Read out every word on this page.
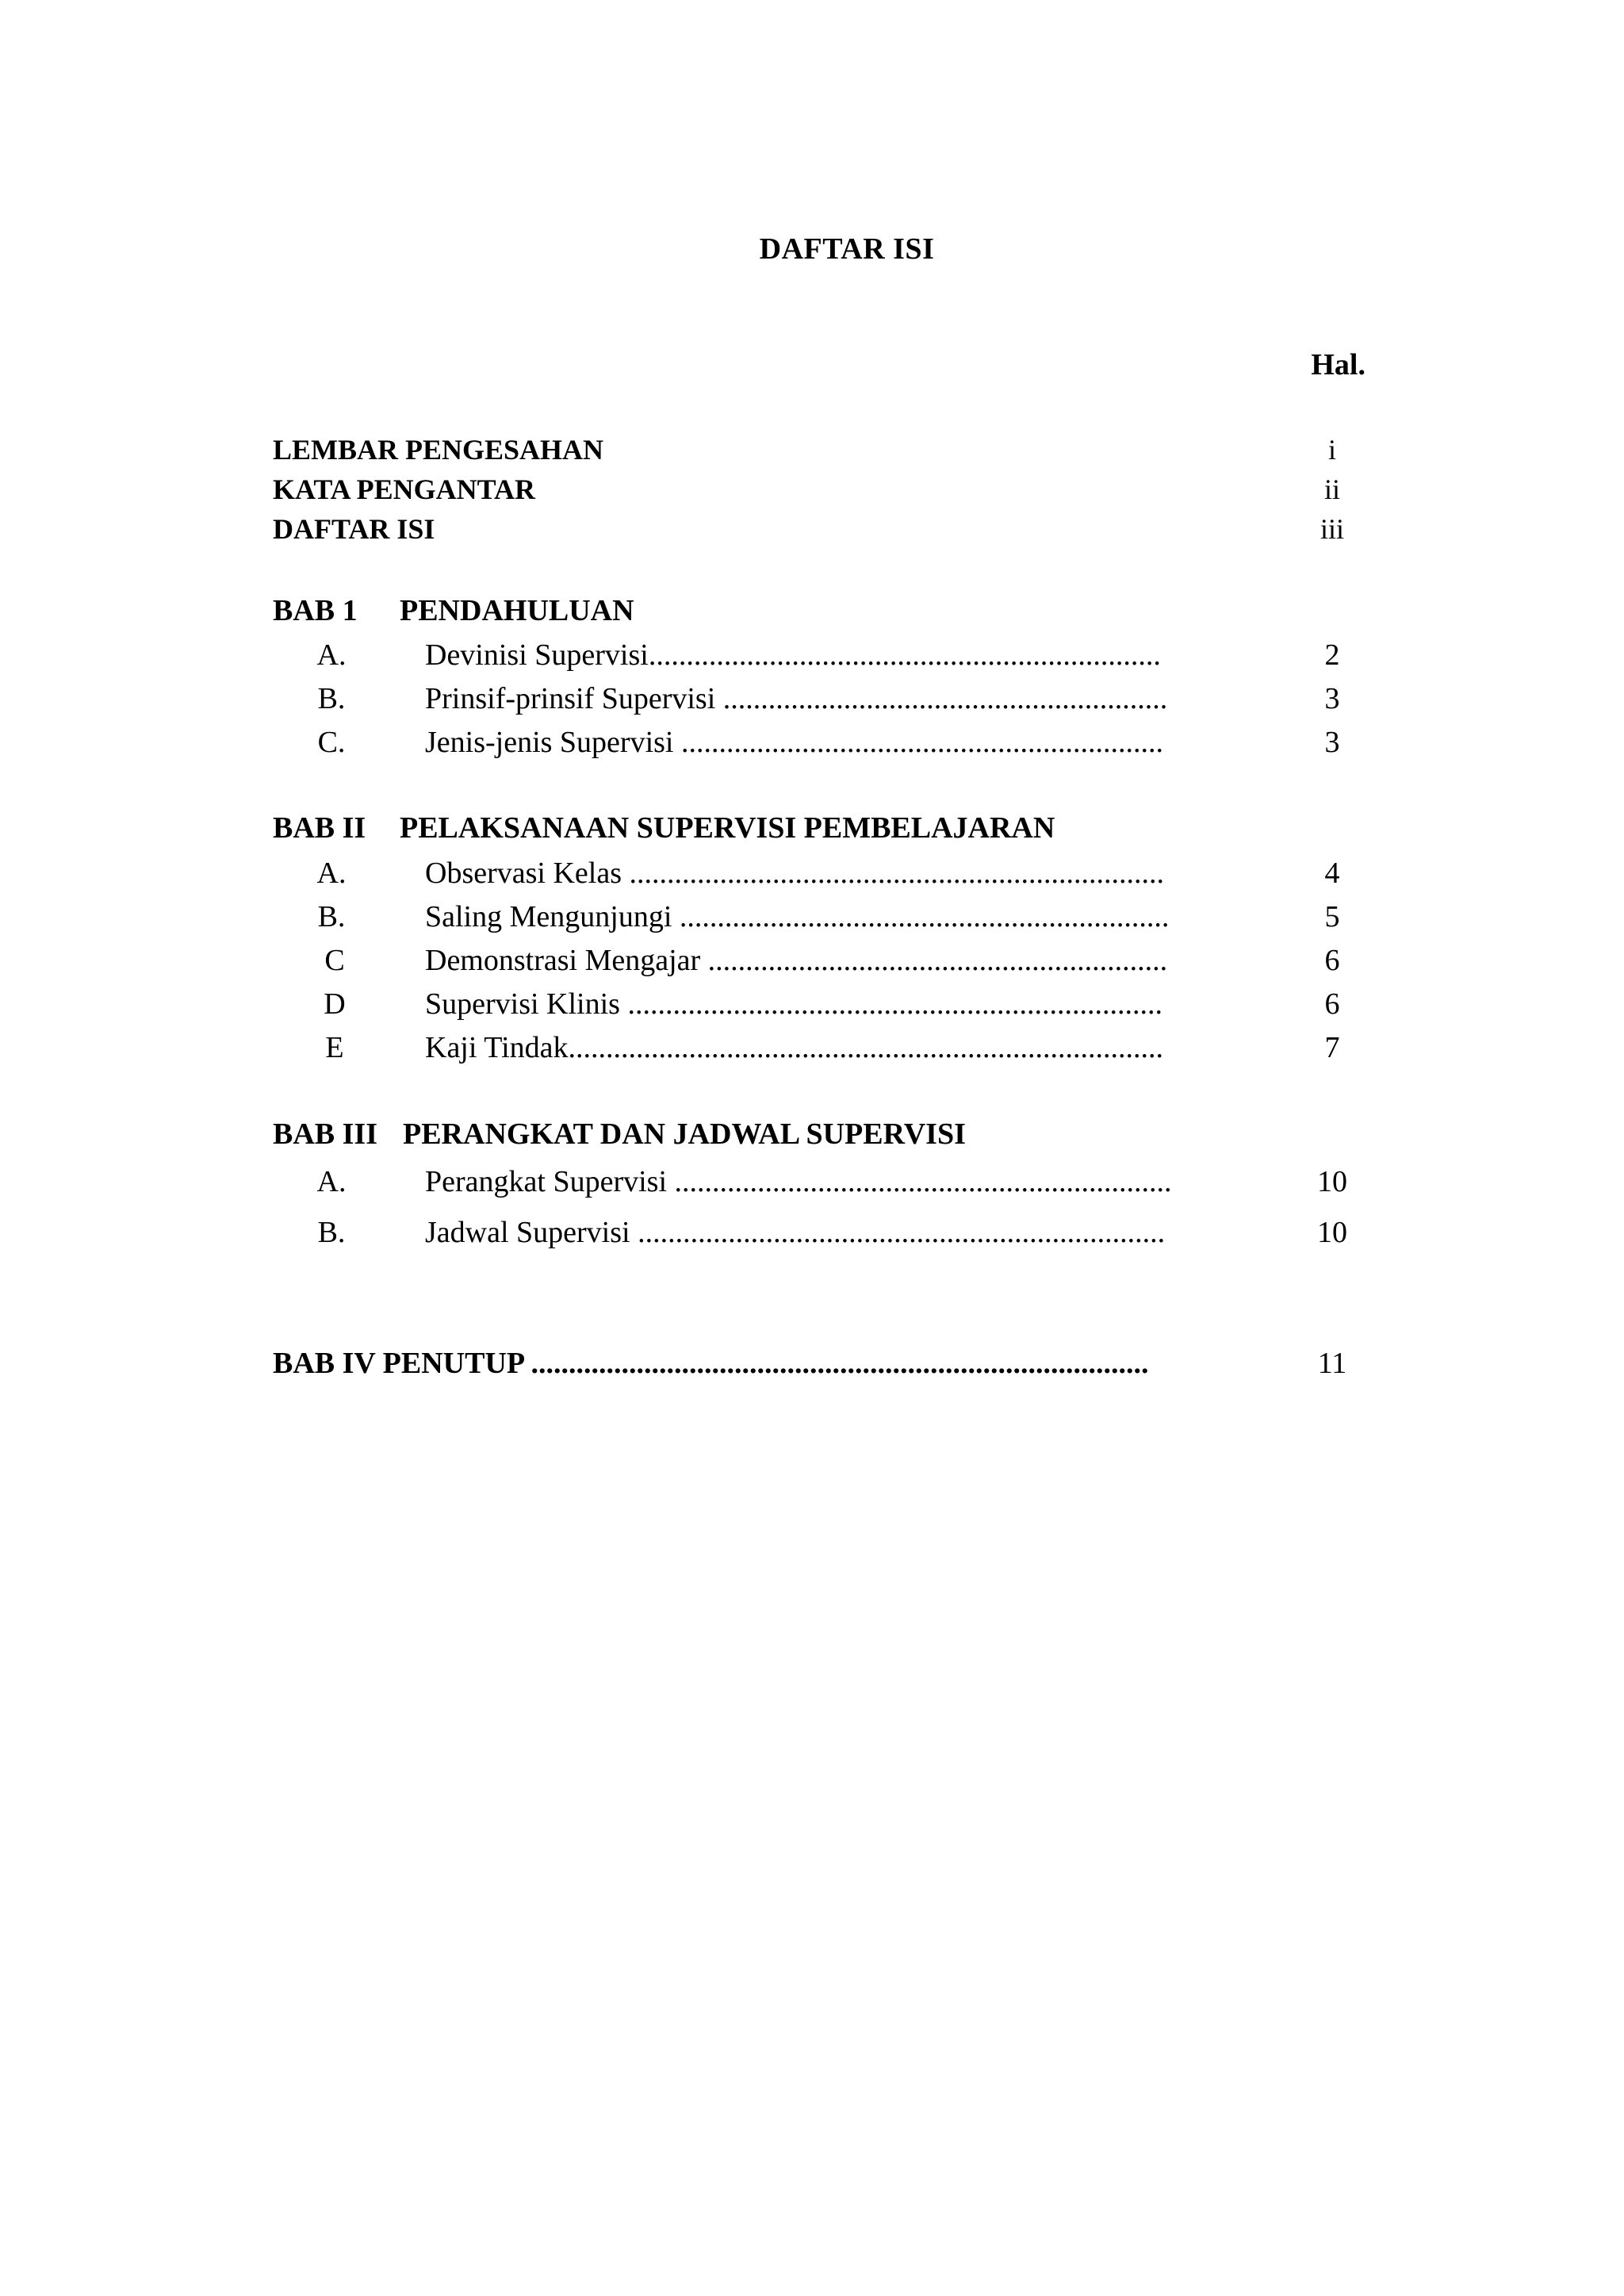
DAFTAR ISI
Hal.
LEMBAR PENGESAHAN	i
KATA PENGANTAR	ii
DAFTAR ISI	iii
BAB 1 PENDAHULUAN
A.	Devinisi Supervisi....................................................................	2
B.	Prinsif-prinsif Supervisi ...........................................................	3
C.	Jenis-jenis Supervisi ................................................................	3
BAB II PELAKSANAAN SUPERVISI PEMBELAJARAN
A.	Observasi Kelas .......................................................................	4
B.	Saling Mengunjungi .................................................................	5
C	Demonstrasi Mengajar .............................................................	6
D	Supervisi Klinis .......................................................................	6
E	Kaji Tindak...............................................................................	7
BAB III PERANGKAT DAN JADWAL SUPERVISI
A.	Perangkat Supervisi ..................................................................	10
B.	Jadwal Supervisi ......................................................................	10
BAB IV PENUTUP ..................................................................................	11
